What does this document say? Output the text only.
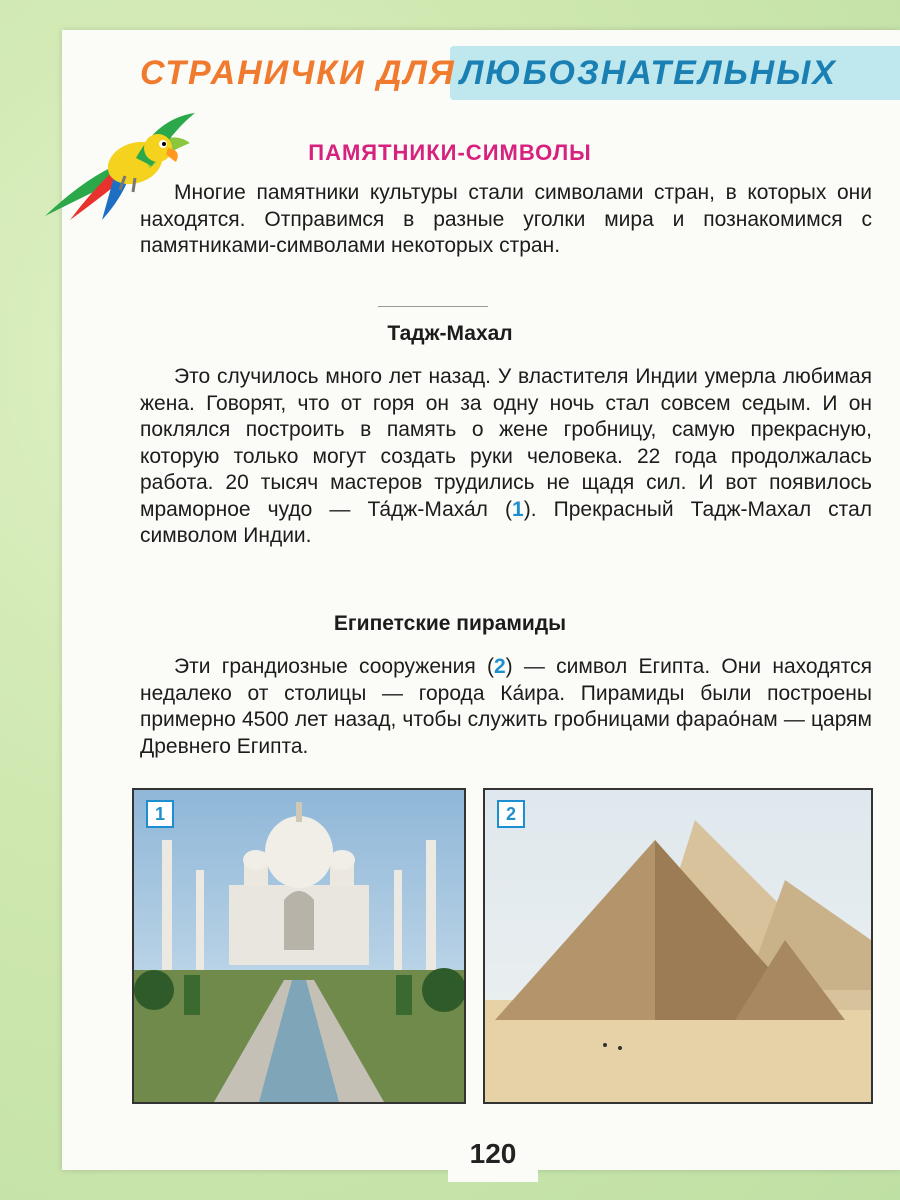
СТРАНИЧКИ ДЛЯ ЛЮБОЗНАТЕЛЬНЫХ
ПАМЯТНИКИ-СИМВОЛЫ
Многие памятники культуры стали символами стран, в которых они находятся. Отправимся в разные уголки мира и познакомимся с памятниками-символами некоторых стран.
Тадж-Махал
Это случилось много лет назад. У властителя Индии умерла любимая жена. Говорят, что от горя он за одну ночь стал совсем седым. И он поклялся построить в память о жене гробницу, самую прекрасную, которую только могут создать руки человека. 22 года продолжалась работа. 20 тысяч мастеров трудились не щадя сил. И вот появилось мраморное чудо — Та́дж-Маха́л (1). Прекрасный Тадж-Махал стал символом Индии.
Египетские пирамиды
Эти грандиозные сооружения (2) — символ Египта. Они находятся недалеко от столицы — города Ка́ира. Пирамиды были построены примерно 4500 лет назад, чтобы служить гробницами фарао́нам — царям Древнего Египта.
1	2
120
